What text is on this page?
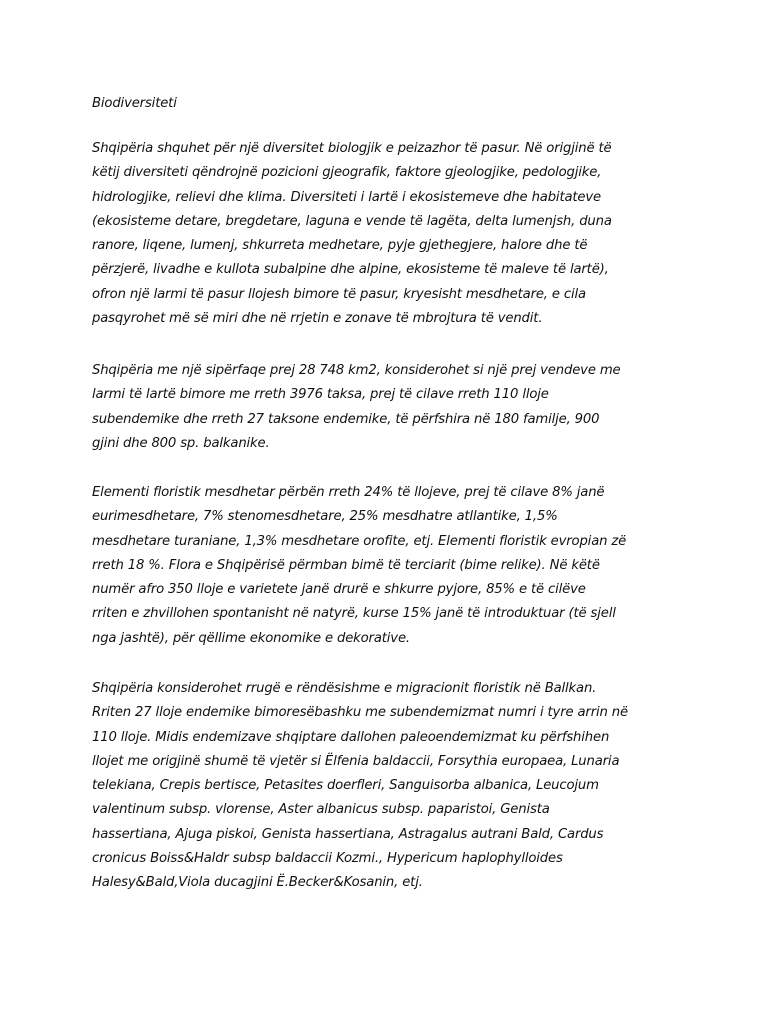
Biodiversiteti

Shqipëria shquhet për një diversitet biologjik e peizazhor të pasur. Në origjinë të
këtij diversiteti qëndrojnë pozicioni gjeografik, faktore gjeologjike, pedologjike,
hidrologjike, relievi dhe klima. Diversiteti i lartë i ekosistemeve dhe habitateve
(ekosisteme detare, bregdetare, laguna e vende të lagëta, delta lumenjsh, duna
ranore, liqene, lumenj, shkurreta medhetare, pyje gjethegjere, halore dhe të
përzjerë, livadhe e kullota subalpine dhe alpine, ekosisteme të maleve të lartë),
ofron një larmi të pasur llojesh bimore të pasur, kryesisht mesdhetare, e cila
pasqyrohet më së miri dhe në rrjetin e zonave të mbrojtura të vendit.

Shqipëria me një sipërfaqe prej 28 748 km2, konsiderohet si një prej vendeve me
larmi të lartë bimore me rreth 3976 taksa, prej të cilave rreth 110 lloje
subendemike dhe rreth 27 taksone endemike, të përfshira në 180 familje, 900
gjini dhe 800 sp. balkanike.

Elementi floristik mesdhetar përbën rreth 24% të llojeve, prej të cilave 8% janë
eurimesdhetare, 7% stenomesdhetare, 25% mesdhatre atllantike, 1,5%
mesdhetare turaniane, 1,3% mesdhetare orofite, etj. Elementi floristik evropian zë
rreth 18 %. Flora e Shqipërisë përmban bimë të terciarit (bime relike). Në këtë
numër afro 350 lloje e varietete janë drurë e shkurre pyjore, 85% e të cilëve
rriten e zhvillohen spontanisht në natyrë, kurse 15% janë të introduktuar (të sjell
nga jashtë), për qëllime ekonomike e dekorative.

Shqipëria konsiderohet rrugë e rëndësishme e migracionit floristik në Ballkan.
Rriten 27 lloje endemike bimoresëbashku me subendemizmat numri i tyre arrin në
110 lloje. Midis endemizave shqiptare dallohen paleoendemizmat ku përfshihen
llojet me origjinë shumë të vjetër si Ëlfenia baldaccii, Forsythia europaea, Lunaria
telekiana, Crepis bertisce, Petasites doerfleri, Sanguisorba albanica, Leucojum
valentinum subsp. vlorense, Aster albanicus subsp. paparistoi, Genista
hassertiana, Ajuga piskoi, Genista hassertiana, Astragalus autrani Bald, Cardus
cronicus Boiss&Haldr subsp baldaccii Kozmi., Hypericum haplophylloides
Halesy&Bald,Viola ducagjini Ë.Becker&Kosanin, etj.
